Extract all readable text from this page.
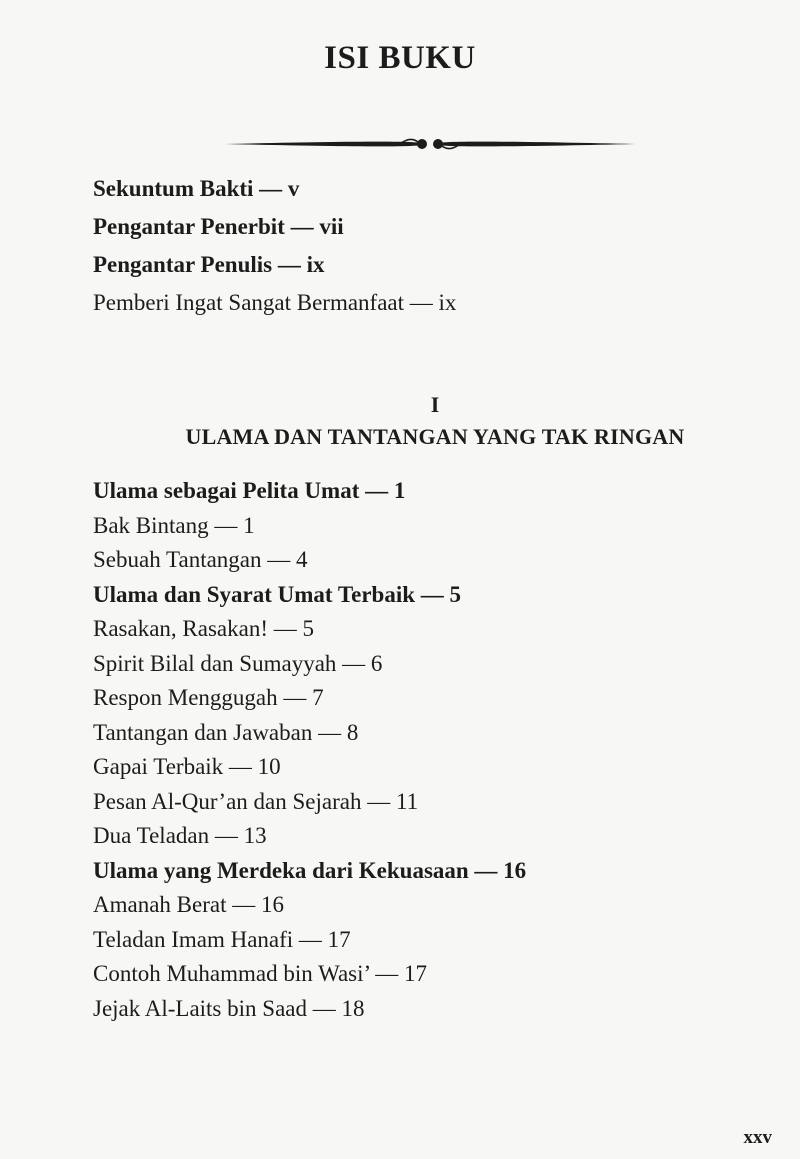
ISI BUKU
Sekuntum Bakti — v
Pengantar Penerbit — vii
Pengantar Penulis — ix
Pemberi Ingat Sangat Bermanfaat — ix
I
ULAMA DAN TANTANGAN YANG TAK RINGAN
Ulama sebagai Pelita Umat — 1
Bak Bintang — 1
Sebuah Tantangan — 4
Ulama dan Syarat Umat Terbaik — 5
Rasakan, Rasakan! — 5
Spirit Bilal dan Sumayyah — 6
Respon Menggugah — 7
Tantangan dan Jawaban — 8
Gapai Terbaik — 10
Pesan Al-Qur’an dan Sejarah — 11
Dua Teladan — 13
Ulama yang Merdeka dari Kekuasaan — 16
Amanah Berat — 16
Teladan Imam Hanafi — 17
Contoh Muhammad bin Wasi’ — 17
Jejak Al-Laits bin Saad — 18
xxv
